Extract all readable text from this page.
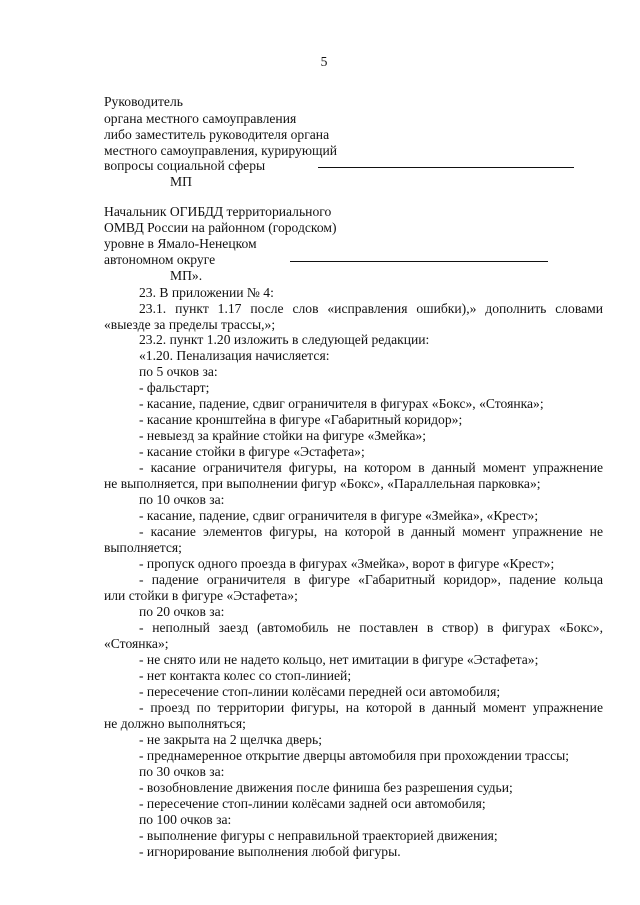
5
Руководитель
органа местного самоуправления
либо заместитель руководителя органа
местного самоуправления, курирующий
вопросы социальной сферы
МП
Начальник ОГИБДД территориального
ОМВД России на районном (городском)
уровне в Ямало-Ненецком
автономном округе
МП».
23. В приложении № 4:
23.1. пункт 1.17 после слов «исправления ошибки),» дополнить словами
«выезде за пределы трассы,»;
23.2. пункт 1.20 изложить в следующей редакции:
«1.20. Пенализация начисляется:
по 5 очков за:
- фальстарт;
- касание, падение, сдвиг ограничителя в фигурах «Бокс», «Стоянка»;
- касание кронштейна в фигуре «Габаритный коридор»;
- невыезд за крайние стойки на фигуре «Змейка»;
- касание стойки в фигуре «Эстафета»;
- касание ограничителя фигуры, на котором в данный момент упражнение
не выполняется, при выполнении фигур «Бокс», «Параллельная парковка»;
по 10 очков за:
- касание, падение, сдвиг ограничителя в фигуре «Змейка», «Крест»;
- касание элементов фигуры, на которой в данный момент упражнение не
выполняется;
- пропуск одного проезда в фигурах «Змейка», ворот в фигуре «Крест»;
- падение ограничителя в фигуре «Габаритный коридор», падение кольца
или стойки в фигуре «Эстафета»;
по 20 очков за:
- неполный заезд (автомобиль не поставлен в створ) в фигурах «Бокс»,
«Стоянка»;
- не снято или не надето кольцо, нет имитации в фигуре «Эстафета»;
- нет контакта колес со стоп-линией;
- пересечение стоп-линии колёсами передней оси автомобиля;
- проезд по территории фигуры, на которой в данный момент упражнение
не должно выполняться;
- не закрыта на 2 щелчка дверь;
- преднамеренное открытие дверцы автомобиля при прохождении трассы;
по 30 очков за:
- возобновление движения после финиша без разрешения судьи;
- пересечение стоп-линии колёсами задней оси автомобиля;
по 100 очков за:
- выполнение фигуры с неправильной траекторией движения;
- игнорирование выполнения любой фигуры.
